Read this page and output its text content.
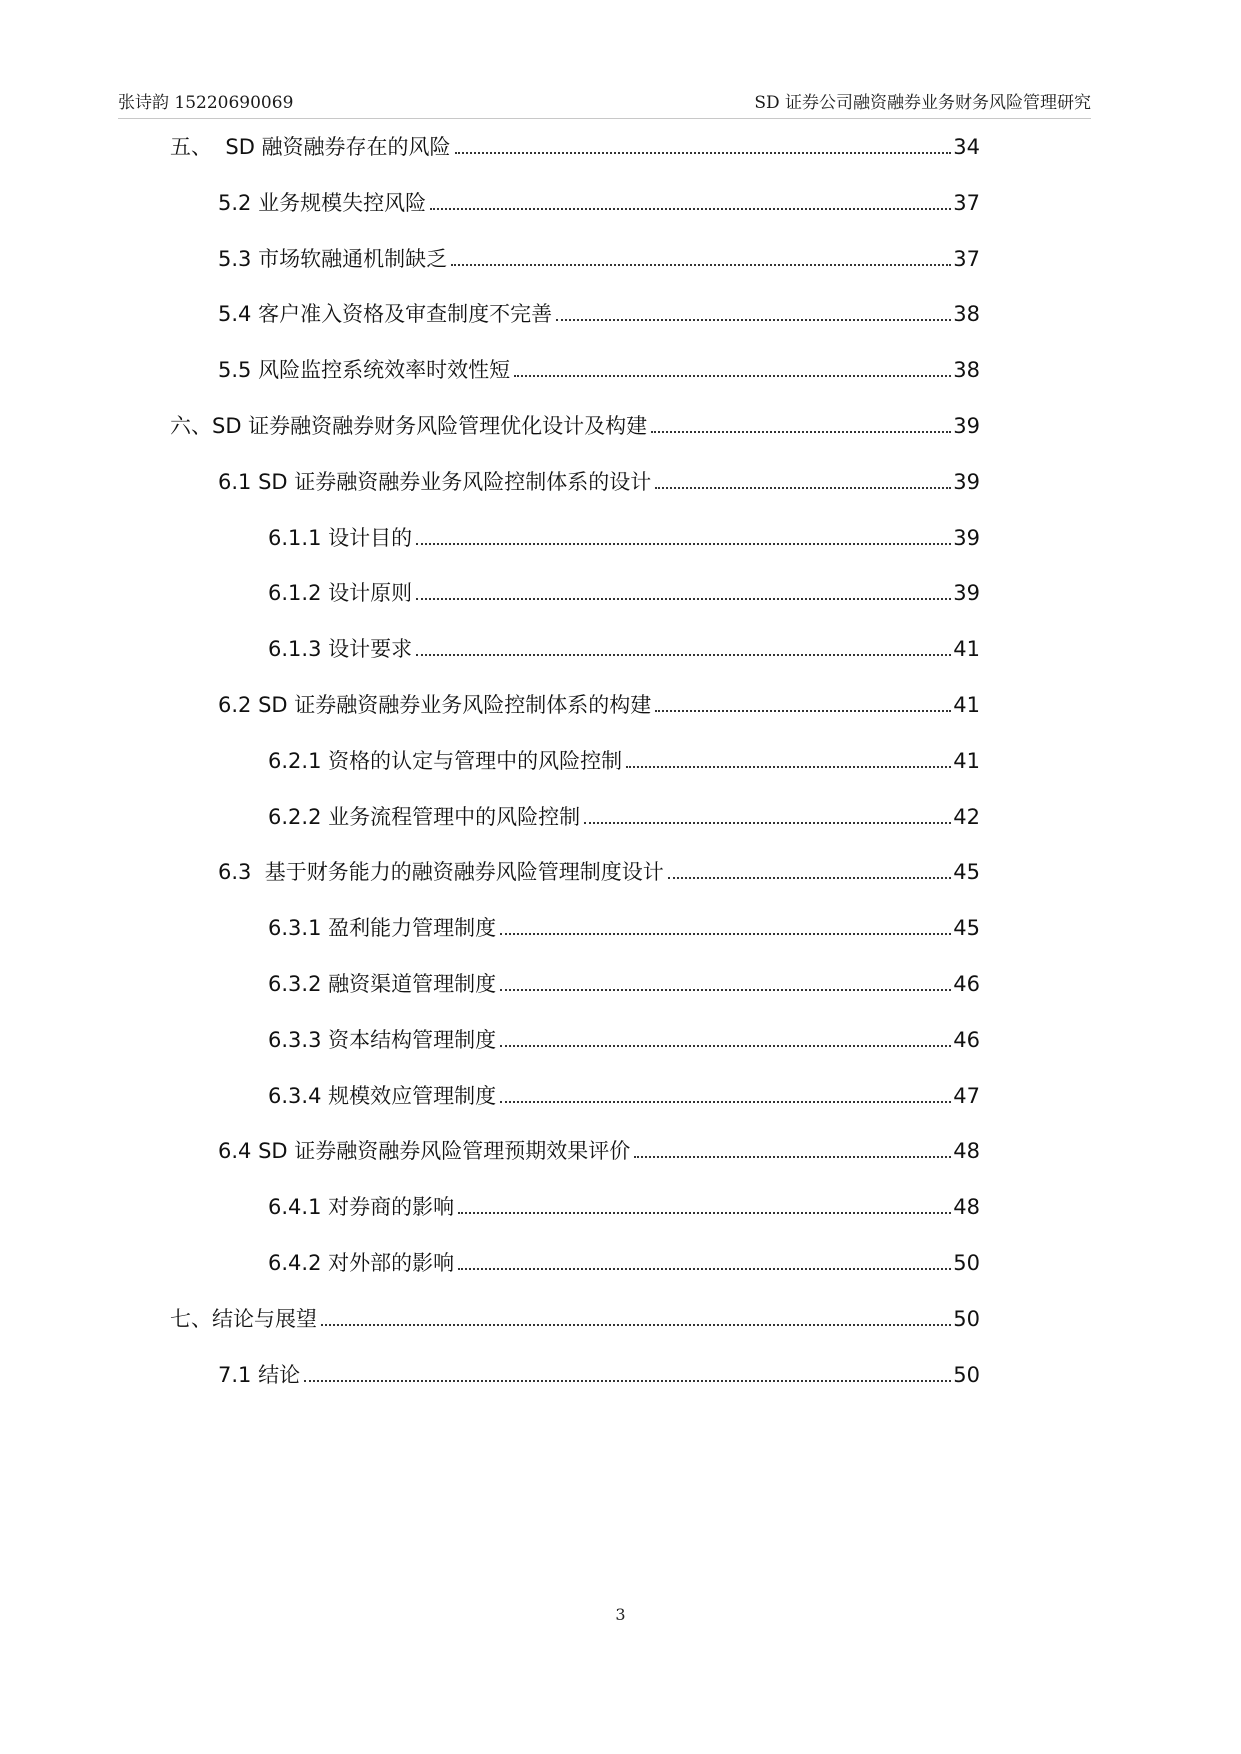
张诗韵 15220690069	SD 证券公司融资融券业务财务风险管理研究
五、 SD 融资融券存在的风险	34
5.2 业务规模失控风险	37
5.3 市场软融通机制缺乏	37
5.4 客户准入资格及审查制度不完善	38
5.5 风险监控系统效率时效性短	38
六、 SD 证券融资融券财务风险管理优化设计及构建	39
6.1 SD 证券融资融券业务风险控制体系的设计	39
6.1.1 设计目的	39
6.1.2 设计原则	39
6.1.3 设计要求	41
6.2 SD 证券融资融券业务风险控制体系的构建	41
6.2.1 资格的认定与管理中的风险控制	41
6.2.2 业务流程管理中的风险控制	42
6.3 基于财务能力的融资融券风险管理制度设计	45
6.3.1 盈利能力管理制度	45
6.3.2 融资渠道管理制度	46
6.3.3 资本结构管理制度	46
6.3.4 规模效应管理制度	47
6.4 SD 证券融资融券风险管理预期效果评价	48
6.4.1 对券商的影响	48
6.4.2 对外部的影响	50
七、 结论与展望	50
7.1 结论	50
3
